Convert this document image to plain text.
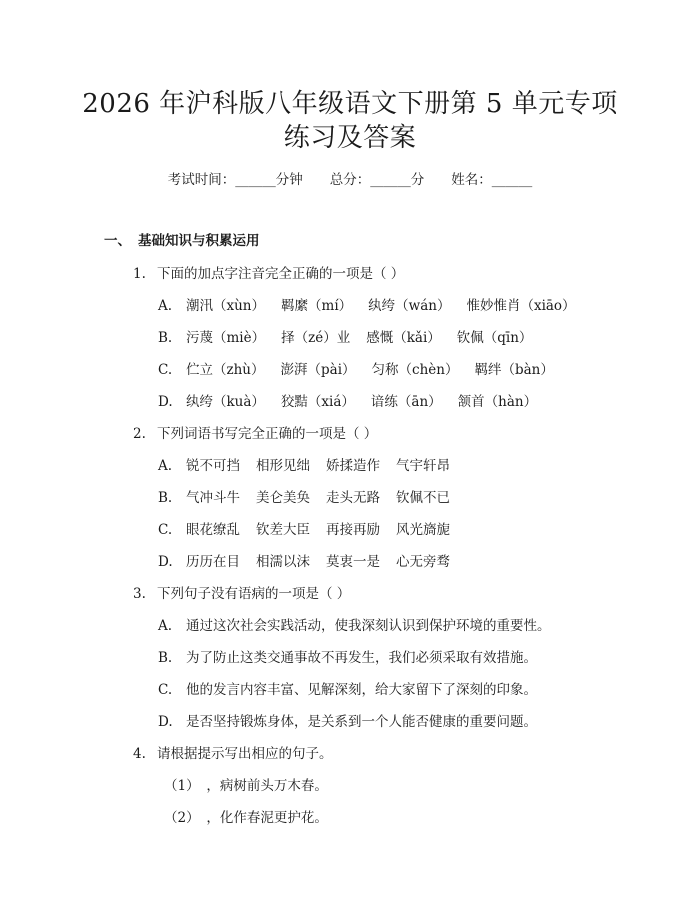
2026 年沪科版八年级语文下册第 5 单元专项
练习及答案
考试时间：______分钟　　总分：______分　　姓名：______
一、 基础知识与积累运用
1. 下面的加点字注音完全正确的一项是（ ）
A. 潮汛（xùn） 羁縻（mí） 纨绔（wán） 惟妙惟肖（xiāo）
B. 污蔑（miè） 择（zé）业 感慨（kǎi） 钦佩（qīn）
C. 伫立（zhù） 澎湃（pài） 匀称（chèn） 羁绊（bàn）
D. 纨绔（kuà） 狡黠（xiá） 谙练（ān） 颔首（hàn）
2. 下列词语书写完全正确的一项是（ ）
A. 锐不可挡 相形见绌 娇揉造作 气宇轩昂
B. 气冲斗牛 美仑美奂 走头无路 钦佩不已
C. 眼花缭乱 钦差大臣 再接再励 风光旖旎
D. 历历在目 相濡以沫 莫衷一是 心无旁骛
3. 下列句子没有语病的一项是（ ）
A. 通过这次社会实践活动，使我深刻认识到保护环境的重要性。
B. 为了防止这类交通事故不再发生，我们必须采取有效措施。
C. 他的发言内容丰富、见解深刻，给大家留下了深刻的印象。
D. 是否坚持锻炼身体，是关系到一个人能否健康的重要问题。
4. 请根据提示写出相应的句子。
（1）　，病树前头万木春。
（2）　，化作春泥更护花。
